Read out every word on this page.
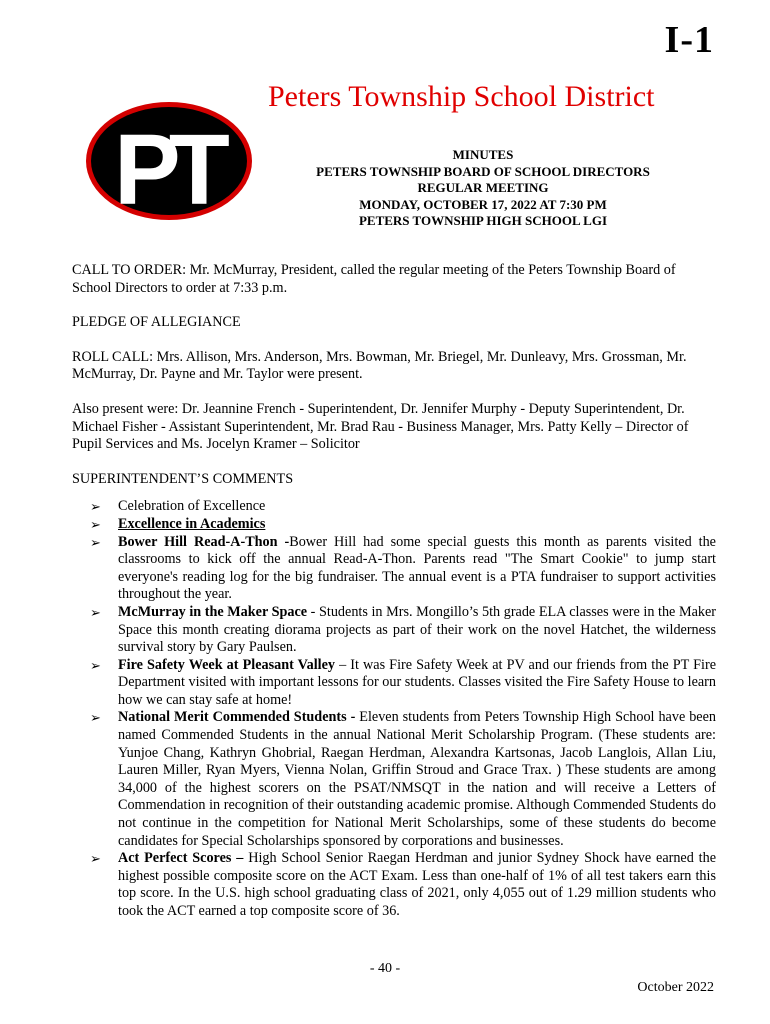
I-1
PT
Peters Township School District
MINUTES
PETERS TOWNSHIP BOARD OF SCHOOL DIRECTORS
REGULAR MEETING
MONDAY, OCTOBER 17, 2022 AT 7:30 PM
PETERS TOWNSHIP HIGH SCHOOL LGI

CALL TO ORDER: Mr. McMurray, President, called the regular meeting of the Peters Township Board of School Directors to order at 7:33 p.m.

PLEDGE OF ALLEGIANCE

ROLL CALL: Mrs. Allison, Mrs. Anderson, Mrs. Bowman, Mr. Briegel, Mr. Dunleavy, Mrs. Grossman, Mr. McMurray, Dr. Payne and Mr. Taylor were present.

Also present were: Dr. Jeannine French - Superintendent, Dr. Jennifer Murphy - Deputy Superintendent, Dr. Michael Fisher - Assistant Superintendent, Mr. Brad Rau - Business Manager, Mrs. Patty Kelly – Director of Pupil Services and Ms. Jocelyn Kramer – Solicitor

SUPERINTENDENT’S COMMENTS

➢ Celebration of Excellence
➢ Excellence in Academics
➢ Bower Hill Read-A-Thon -Bower Hill had some special guests this month as parents visited the classrooms to kick off the annual Read-A-Thon. Parents read "The Smart Cookie" to jump start everyone's reading log for the big fundraiser. The annual event is a PTA fundraiser to support activities throughout the year.
➢ McMurray in the Maker Space - Students in Mrs. Mongillo’s 5th grade ELA classes were in the Maker Space this month creating diorama projects as part of their work on the novel Hatchet, the wilderness survival story by Gary Paulsen.
➢ Fire Safety Week at Pleasant Valley – It was Fire Safety Week at PV and our friends from the PT Fire Department visited with important lessons for our students. Classes visited the Fire Safety House to learn how we can stay safe at home!
➢ National Merit Commended Students - Eleven students from Peters Township High School have been named Commended Students in the annual National Merit Scholarship Program. (These students are: Yunjoe Chang, Kathryn Ghobrial, Raegan Herdman, Alexandra Kartsonas, Jacob Langlois, Allan Liu, Lauren Miller, Ryan Myers, Vienna Nolan, Griffin Stroud and Grace Trax. ) These students are among 34,000 of the highest scorers on the PSAT/NMSQT in the nation and will receive a Letters of Commendation in recognition of their outstanding academic promise. Although Commended Students do not continue in the competition for National Merit Scholarships, some of these students do become candidates for Special Scholarships sponsored by corporations and businesses.
➢ Act Perfect Scores – High School Senior Raegan Herdman and junior Sydney Shock have earned the highest possible composite score on the ACT Exam. Less than one-half of 1% of all test takers earn this top score. In the U.S. high school graduating class of 2021, only 4,055 out of 1.29 million students who took the ACT earned a top composite score of 36.
- 40 -
October 2022
